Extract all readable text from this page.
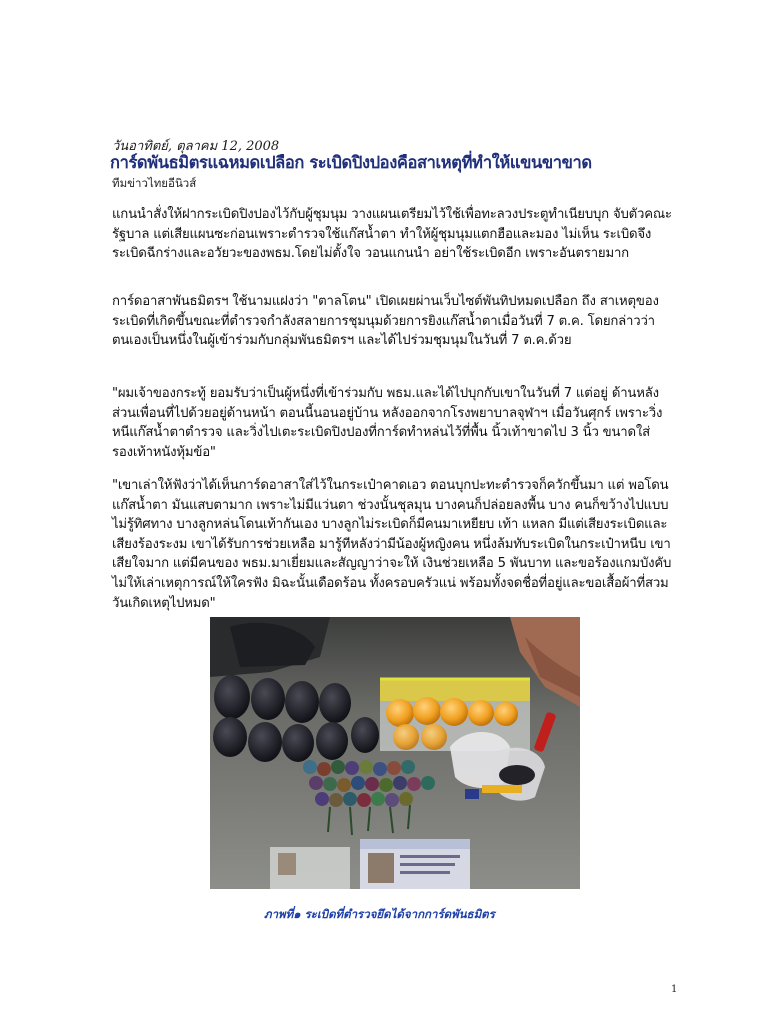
วันอาทิตย์, ตุลาคม 12, 2008
การ์ดพันธมิตรแฉหมดเปลือก ระเบิดปิงปองคือสาเหตุที่ทำให้แขนขาขาด
ทีมข่าวไทยอีนิวส์

แกนนำสั่งให้ฝากระเบิดปิงปองไว้กับผู้ชุมนุม วางแผนเตรียมไว้ใช้เพื่อทะลวงประตูทำเนียบบุก จับตัวคณะรัฐบาล แต่เสียแผนซะก่อนเพราะตำรวจใช้แก๊สน้ำตา ทำให้ผู้ชุมนุมแตกฮือและมอง ไม่เห็น ระเบิดจึงระเบิดฉีกร่างและอวัยวะของพธม.โดยไม่ตั้งใจ วอนแกนนำ อย่าใช้ระเบิดอีก เพราะอันตรายมาก

การ์ดอาสาพันธมิตรฯ ใช้นามแฝงว่า "ตาลโตน" เปิดเผยผ่านเว็บไซต์พันทิปหมดเปลือก ถึง สาเหตุของระเบิดที่เกิดขึ้นขณะที่ตำรวจกำลังสลายการชุมนุมด้วยการยิงแก๊สน้ำตาเมื่อวันที่ 7 ต.ค. โดยกล่าวว่าตนเองเป็นหนึ่งในผู้เข้าร่วมกับกลุ่มพันธมิตรฯ และได้ไปร่วมชุมนุมในวันที่ 7 ต.ค.ด้วย

"ผมเจ้าของกระทู้ ยอมรับว่าเป็นผู้หนึ่งที่เข้าร่วมกับ พธม.และได้ไปบุกกับเขาในวันที่ 7 แต่อยู่ ด้านหลัง ส่วนเพื่อนที่ไปด้วยอยู่ด้านหน้า ตอนนี้นอนอยู่บ้าน หลังออกจากโรงพยาบาลจุฬาฯ เมื่อวันศุกร์ เพราะวิ่งหนีแก๊สน้ำตาตำรวจ และวิ่งไปเตะระเบิดปิงปองที่การ์ดทำหล่นไว้ที่พื้น นิ้วเท้าขาดไป 3 นิ้ว ขนาดใส่รองเท้าหนังหุ้มข้อ"

"เขาเล่าให้ฟังว่าได้เห็นการ์ดอาสาใส่ไว้ในกระเป๋าคาดเอว ตอนบุกปะทะตำรวจก็ควักขึ้นมา แต่ พอโดนแก๊สน้ำตา มันแสบตามาก เพราะไม่มีแว่นตา ช่วงนั้นชุลมุน บางคนก็ปล่อยลงพื้น บาง คนก็ขว้างไปแบบไม่รู้ทิศทาง บางลูกหล่นโดนเท้ากันเอง บางลูกไม่ระเบิดก็มีคนมาเหยียบ เท้า แหลก มีแต่เสียงระเบิดและเสียงร้องระงม เขาได้รับการช่วยเหลือ มารู้ทีหลังว่ามีน้องผู้หญิงคน หนึ่งล้มทับระเบิดในกระเป๋าหนีบ เขาเสียใจมาก แต่มีคนของ พธม.มาเยี่ยมและสัญญาว่าจะให้ เงินช่วยเหลือ 5 พันบาท และขอร้องแกมบังคับไม่ให้เล่าเหตุการณ์ให้ใครฟัง มิฉะนั้นเดือดร้อน ทั้งครอบครัวแน่ พร้อมทั้งจดชื่อที่อยู่และขอเสื้อผ้าที่สวมวันเกิดเหตุไปหมด"

ภาพที่๑ ระเบิดที่ตำรวจยึดได้จากการ์ดพันธมิตร
1
